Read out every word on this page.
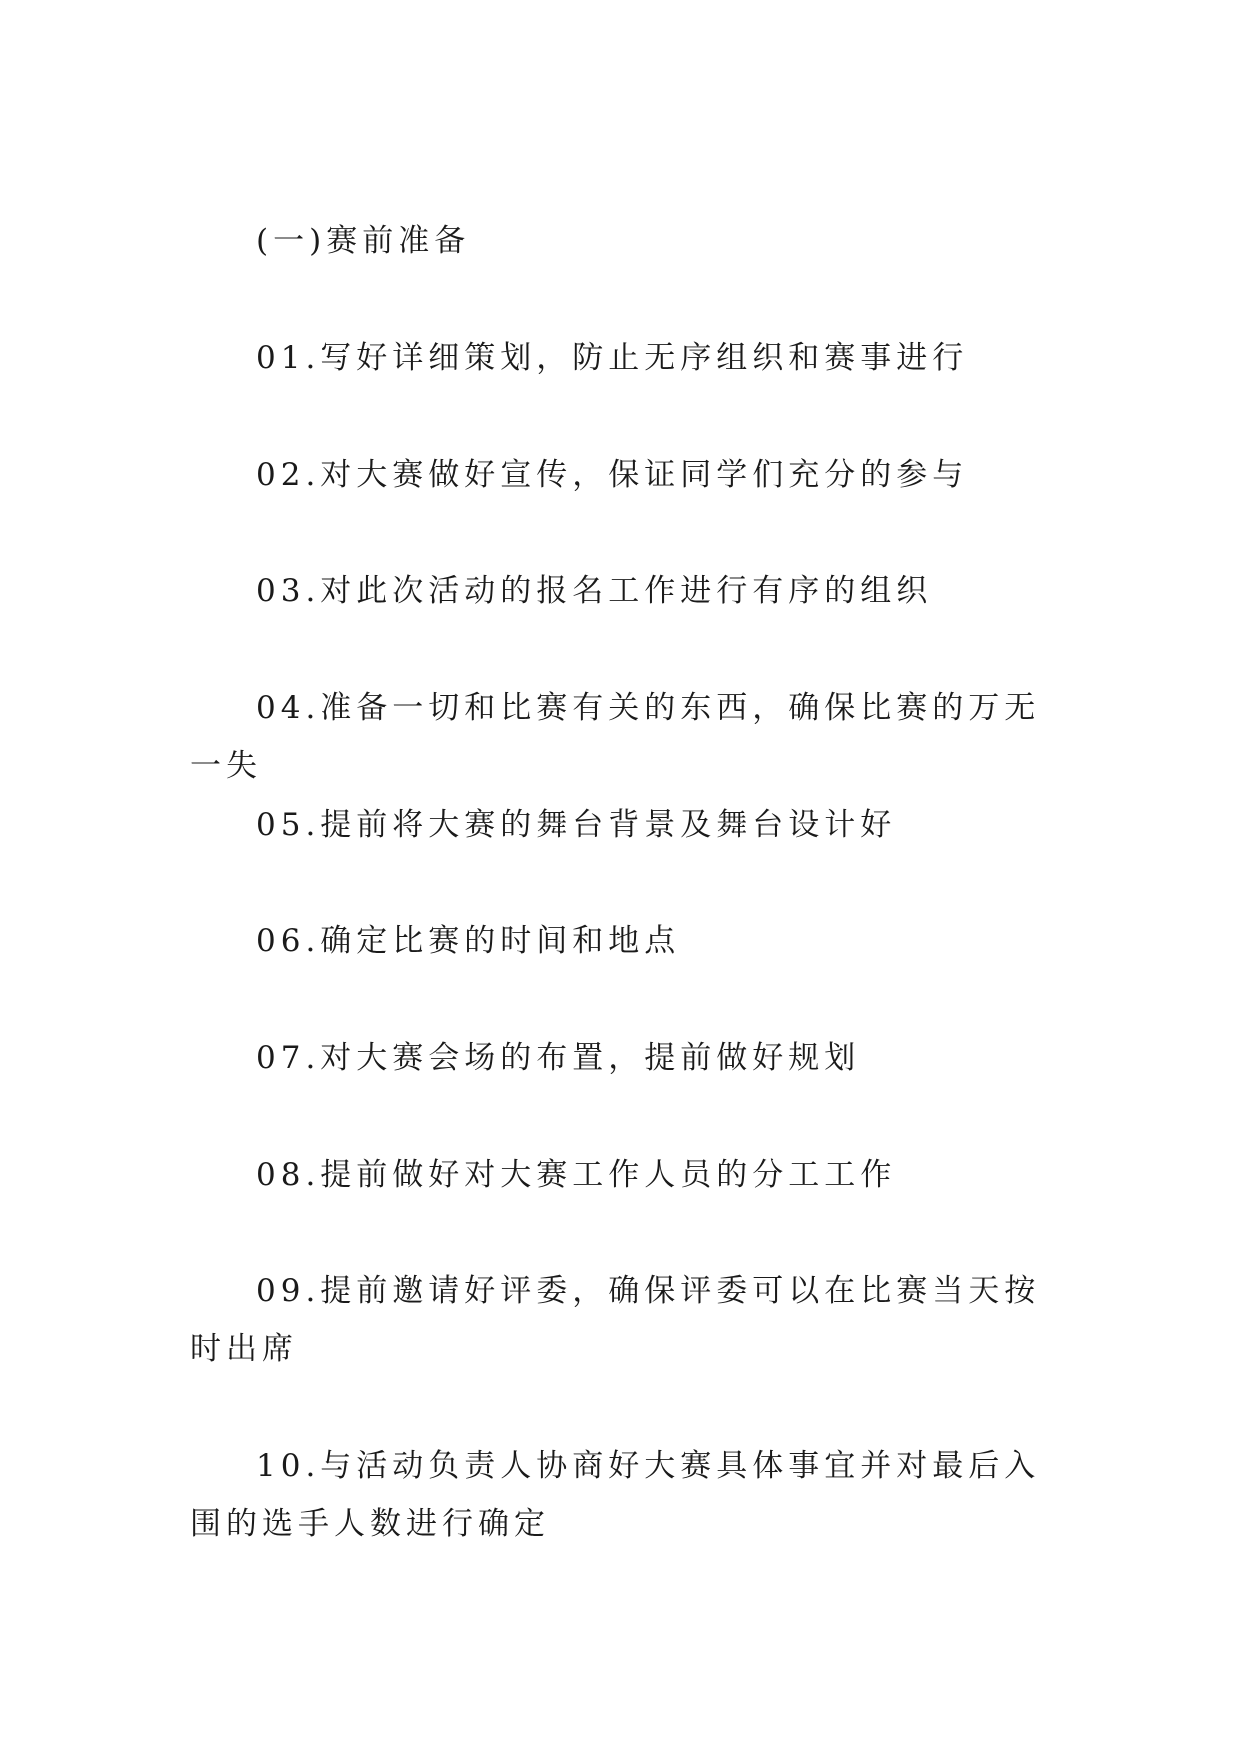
(一)赛前准备

01.写好详细策划，防止无序组织和赛事进行

02.对大赛做好宣传，保证同学们充分的参与

03.对此次活动的报名工作进行有序的组织

04.准备一切和比赛有关的东西，确保比赛的万无一失

05.提前将大赛的舞台背景及舞台设计好

06.确定比赛的时间和地点

07.对大赛会场的布置，提前做好规划

08.提前做好对大赛工作人员的分工工作

09.提前邀请好评委，确保评委可以在比赛当天按时出席

10.与活动负责人协商好大赛具体事宜并对最后入围的选手人数进行确定
